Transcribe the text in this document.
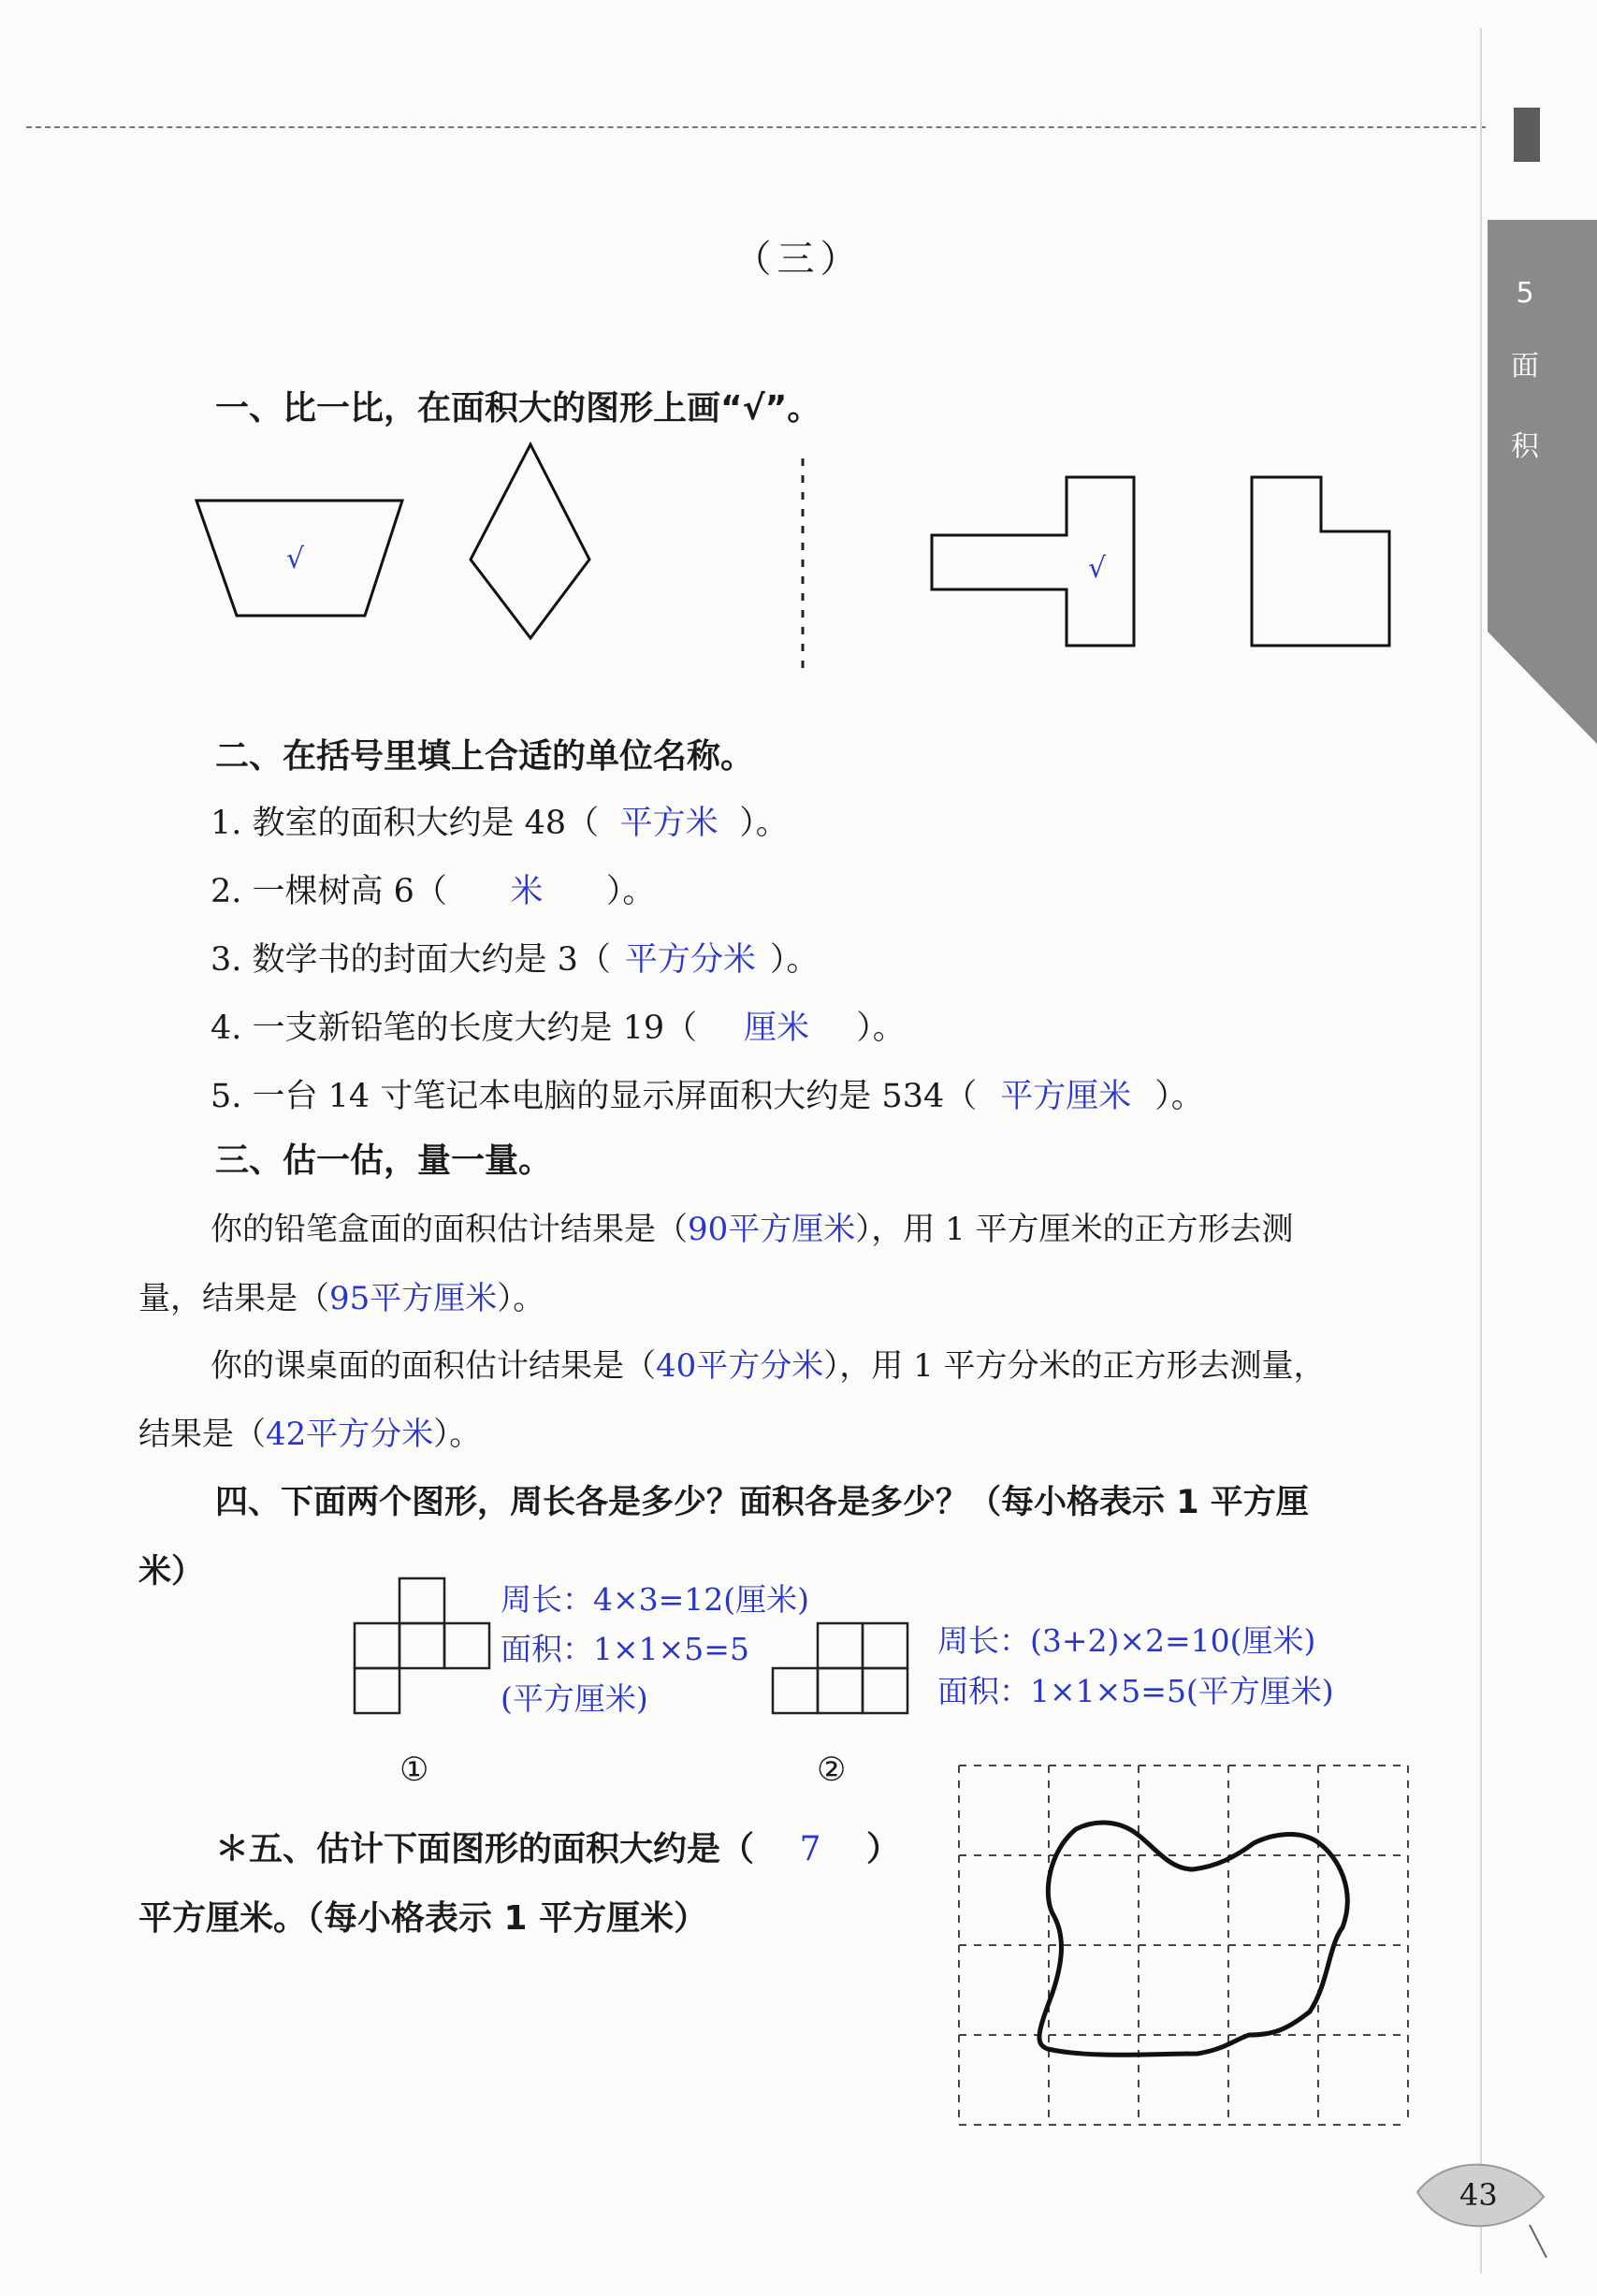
5
面
积
（三）
一、比一比，在面积大的图形上画“√”。
√	√
二、在括号里填上合适的单位名称。
1. 教室的面积大约是 48（ 平方米 ）。
2. 一棵树高 6（ 米 ）。
3. 数学书的封面大约是 3（ 平方分米 ）。
4. 一支新铅笔的长度大约是 19（ 厘米 ）。
5. 一台 14 寸笔记本电脑的显示屏面积大约是 534（ 平方厘米 ）。
三、估一估，量一量。
你的铅笔盒面的面积估计结果是（90平方厘米），用 1 平方厘米的正方形去测
量，结果是（95平方厘米）。
你的课桌面的面积估计结果是（40平方分米），用 1 平方分米的正方形去测量，
结果是（42平方分米）。
四、下面两个图形，周长各是多少？面积各是多少？（每小格表示 1 平方厘
米）
周长：4×3=12(厘米)
面积：1×1×5=5
(平方厘米)
周长：(3+2)×2=10(厘米)
面积：1×1×5=5(平方厘米)
①	②
＊五、估计下面图形的面积大约是（ 7 ）
平方厘米。（每小格表示 1 平方厘米）
43
